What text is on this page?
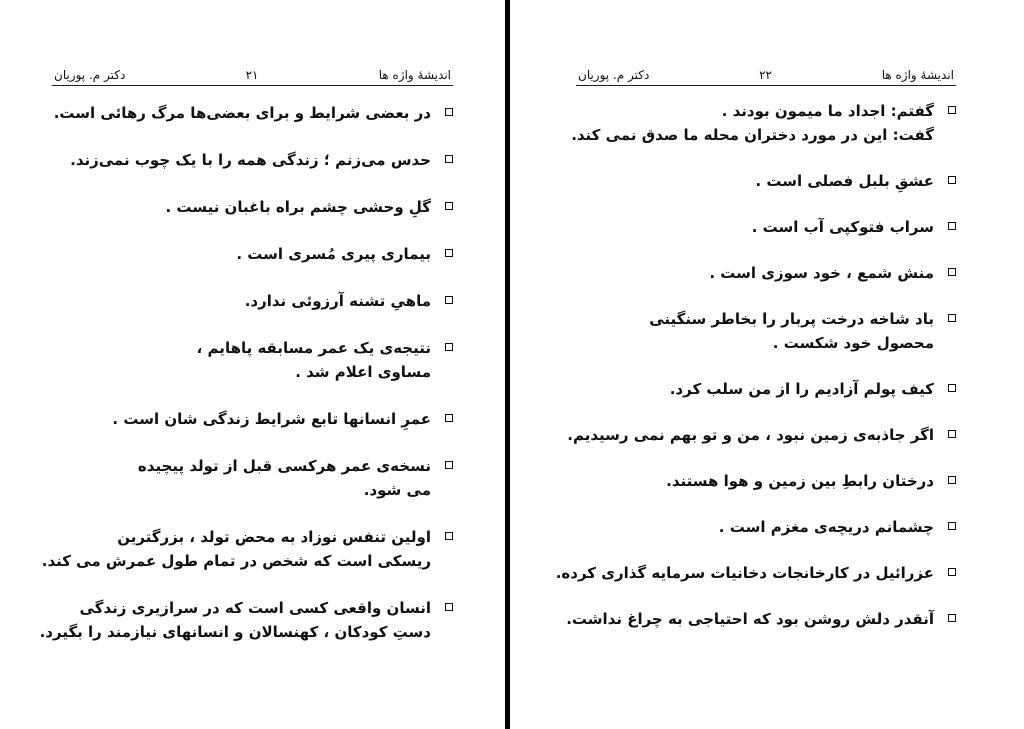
اندیشهٔ واژه ها
۲۱
دکتر م. پوریان
در بعضی شرایط و برای بعضی‌ها مرگ رهائی است.
حدس می‌زنم ؛ زندگی همه را با یک چوب نمی‌زند.
گلِ وحشی چشم براه باغبان نیست .
بیماری پیری مُسری است .
ماهیِ تشنه آرزوئی ندارد.
نتیجه‌ی یک عمر مسابقه پاهایم ،
مساوی اعلام شد .
عمرِ انسانها تابع شرایط زندگی شان است .
نسخه‌ی عمر هرکسی قبل از تولد پیچیده
می شود.
اولین تنفس نوزاد به محض تولد ، بزرگترین
ریسکی است که شخص در تمام طول عمرش می کند.
انسان واقعی کسی است که در سرازیری زندگی
دستِ کودکان ، کهنسالان و انسانهای نیازمند را بگیرد.
اندیشهٔ واژه ها
۲۲
دکتر م. پوریان
گفتم: اجداد ما میمون بودند .
گفت: این در مورد دختران محله ما صدق نمی کند.
عشقِ بلبل فصلی است .
سراب فتوکپی آب است .
منش شمع ، خود سوزی است .
باد شاخه درخت پربار را بخاطر سنگینی
محصول خود شکست .
کیف پولم آزادیم را از من سلب کرد.
اگر جاذبه‌ی زمین نبود ، من و تو بهم نمی رسیدیم.
درختان رابطِ بین زمین و هوا هستند.
چشمانم دریچه‌ی مغزم است .
عزرائیل در کارخانجات دخانیات سرمایه گذاری کرده.
آنقدر دلش روشن بود که احتیاجی به چراغ نداشت.
